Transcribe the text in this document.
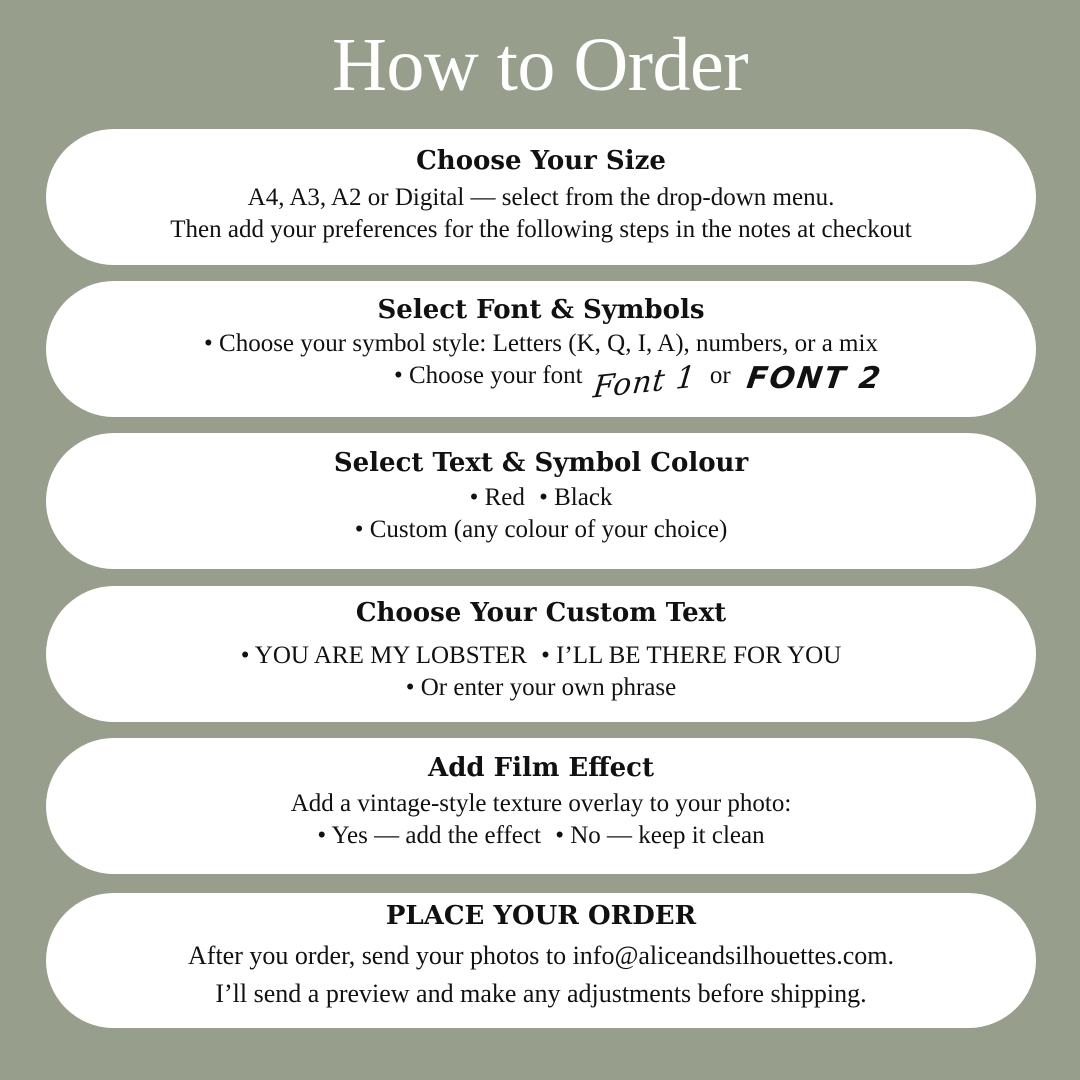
How to Order
Choose Your Size
A4, A3, A2 or Digital — select from the drop-down menu.
Then add your preferences for the following steps in the notes at checkout
Select Font & Symbols
• Choose your symbol style: Letters (K, Q, I, A), numbers, or a mix
• Choose your font Font 1 or FONT 2
Select Text & Symbol Colour
• Red • Black
• Custom (any colour of your choice)
Choose Your Custom Text
• YOU ARE MY LOBSTER • I’LL BE THERE FOR YOU
• Or enter your own phrase
Add Film Effect
Add a vintage-style texture overlay to your photo:
• Yes — add the effect • No — keep it clean
PLACE YOUR ORDER
After you order, send your photos to info@aliceandsilhouettes.com.
I’ll send a preview and make any adjustments before shipping.
